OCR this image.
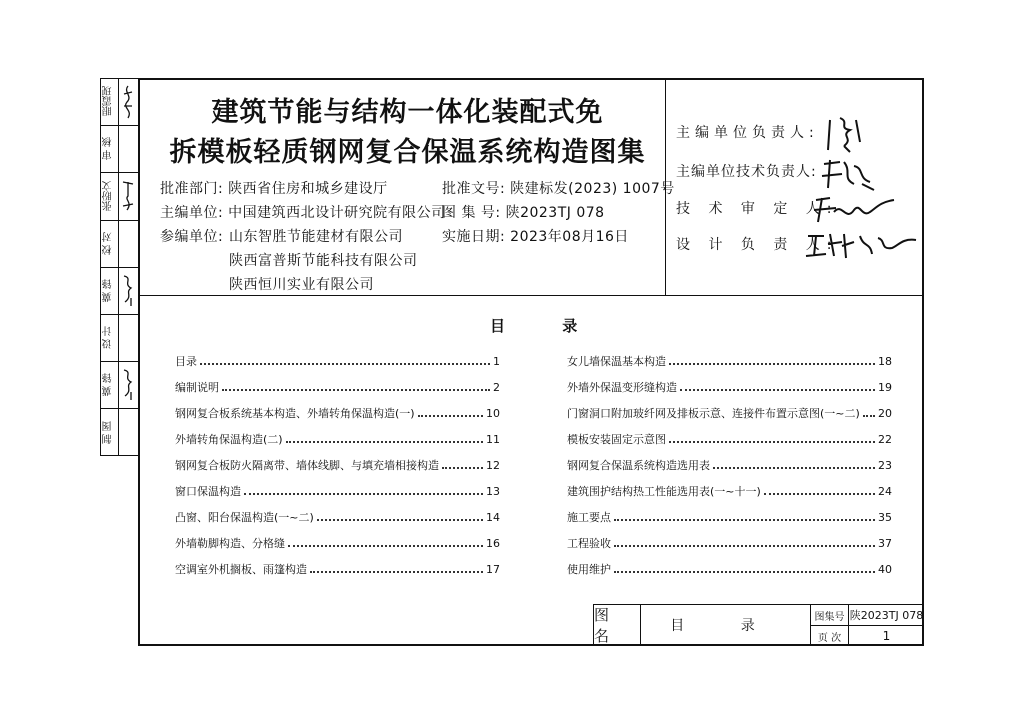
眼霞现
审 核
张盼文
校 对
冀 锋
设 计
冀 锋
制 图
建筑节能与结构一体化装配式免
拆模板轻质钢网复合保温系统构造图集
批准部门: 陕西省住房和城乡建设厅	批准文号: 陕建标发(2023) 1007号
主编单位: 中国建筑西北设计研究院有限公司
图 集 号: 陕2023TJ 078
参编单位: 山东智胜节能建材有限公司
陕西富普斯节能科技有限公司
陕西恒川实业有限公司
实施日期: 2023年08月16日
主编单位负责人:
主编单位技术负责人:
技 术 审 定 人:
设 计 负 责 人:
目 录
目录	1
编制说明	2
钢网复合板系统基本构造、外墙转角保温构造(一)	10
外墙转角保温构造(二)	11
钢网复合板防火隔离带、墙体线脚、与填充墙相接构造	12
窗口保温构造	13
凸窗、阳台保温构造(一~二)	14
外墙勒脚构造、分格缝	16
空调室外机搁板、雨篷构造	17
女儿墙保温基本构造	18
外墙外保温变形缝构造	19
门窗洞口附加玻纤网及排板示意、连接件布置示意图(一~二) 20
模板安装固定示意图	22
钢网复合保温系统构造选用表	23
建筑围护结构热工性能选用表(一~十一)	24
施工要点	35
工程验收	37
使用维护	40
图 名
目 录
图集号 陕2023TJ 078
页 次	1
